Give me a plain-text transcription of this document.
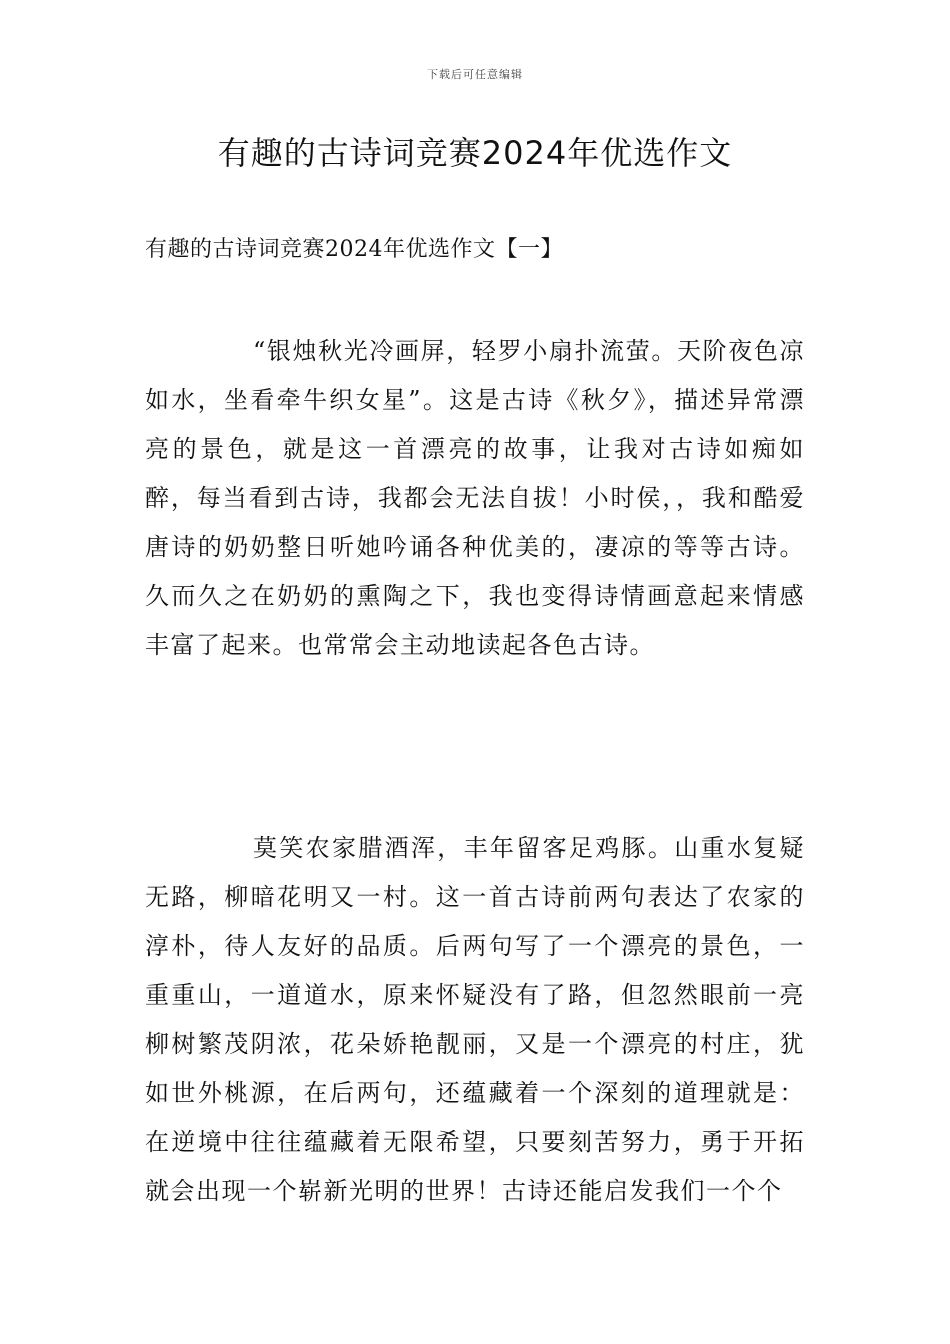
下载后可任意编辑
有趣的古诗词竞赛2024年优选作文
有趣的古诗词竞赛2024年优选作文【一】

“银烛秋光冷画屏，轻罗小扇扑流萤。天阶夜色凉如水，坐看牵牛织女星”。这是古诗《秋夕》，描述异常漂亮的景色，就是这一首漂亮的故事，让我对古诗如痴如醉，每当看到古诗，我都会无法自拔！小时侯，，我和酷爱唐诗的奶奶整日听她吟诵各种优美的，凄凉的等等古诗。久而久之在奶奶的熏陶之下，我也变得诗情画意起来情感丰富了起来。也常常会主动地读起各色古诗。

莫笑农家腊酒浑，丰年留客足鸡豚。山重水复疑无路，柳暗花明又一村。这一首古诗前两句表达了农家的淳朴，待人友好的品质。后两句写了一个漂亮的景色，一重重山，一道道水，原来怀疑没有了路，但忽然眼前一亮柳树繁茂阴浓，花朵娇艳靓丽，又是一个漂亮的村庄，犹如世外桃源，在后两句，还蕴藏着一个深刻的道理就是：在逆境中往往蕴藏着无限希望，只要刻苦努力，勇于开拓就会出现一个崭新光明的世界！古诗还能启发我们一个个
